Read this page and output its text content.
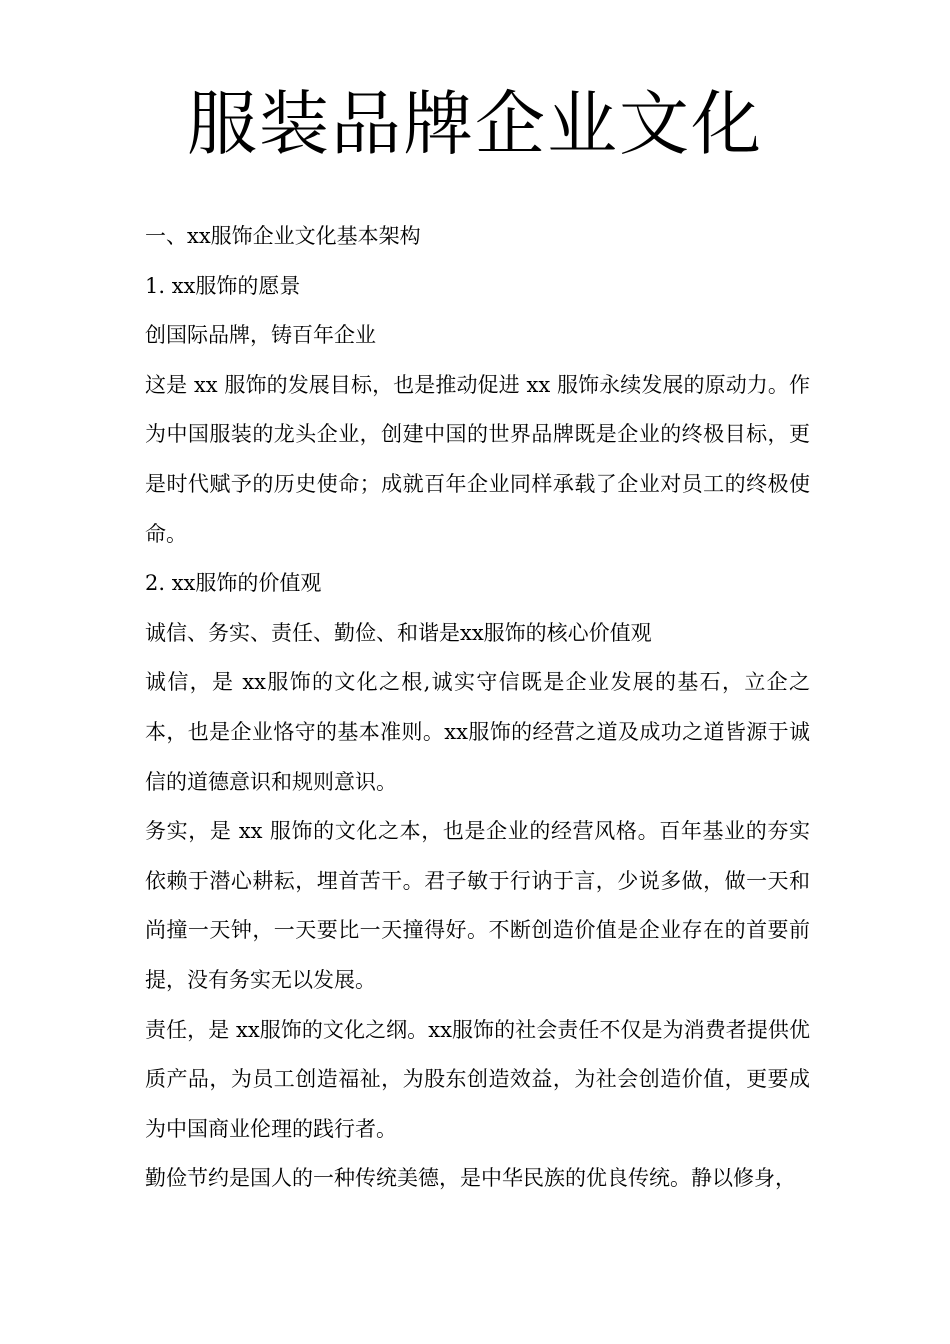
服装品牌企业文化

一、xx服饰企业文化基本架构

1. xx服饰的愿景

创国际品牌，铸百年企业

这是 xx 服饰的发展目标，也是推动促进 xx 服饰永续发展的原动力。作为中国服装的龙头企业，创建中国的世界品牌既是企业的终极目标，更是时代赋予的历史使命；成就百年企业同样承载了企业对员工的终极使命。

2. xx服饰的价值观

诚信、务实、责任、勤俭、和谐是xx服饰的核心价值观

诚信，是 xx服饰的文化之根,诚实守信既是企业发展的基石，立企之本，也是企业恪守的基本准则。xx服饰的经营之道及成功之道皆源于诚信的道德意识和规则意识。

务实，是 xx 服饰的文化之本，也是企业的经营风格。百年基业的夯实依赖于潜心耕耘，埋首苦干。君子敏于行讷于言，少说多做，做一天和尚撞一天钟，一天要比一天撞得好。不断创造价值是企业存在的首要前提，没有务实无以发展。

责任，是 xx服饰的文化之纲。xx服饰的社会责任不仅是为消费者提供优质产品，为员工创造福祉，为股东创造效益，为社会创造价值，更要成为中国商业伦理的践行者。

勤俭节约是国人的一种传统美德，是中华民族的优良传统。静以修身，
